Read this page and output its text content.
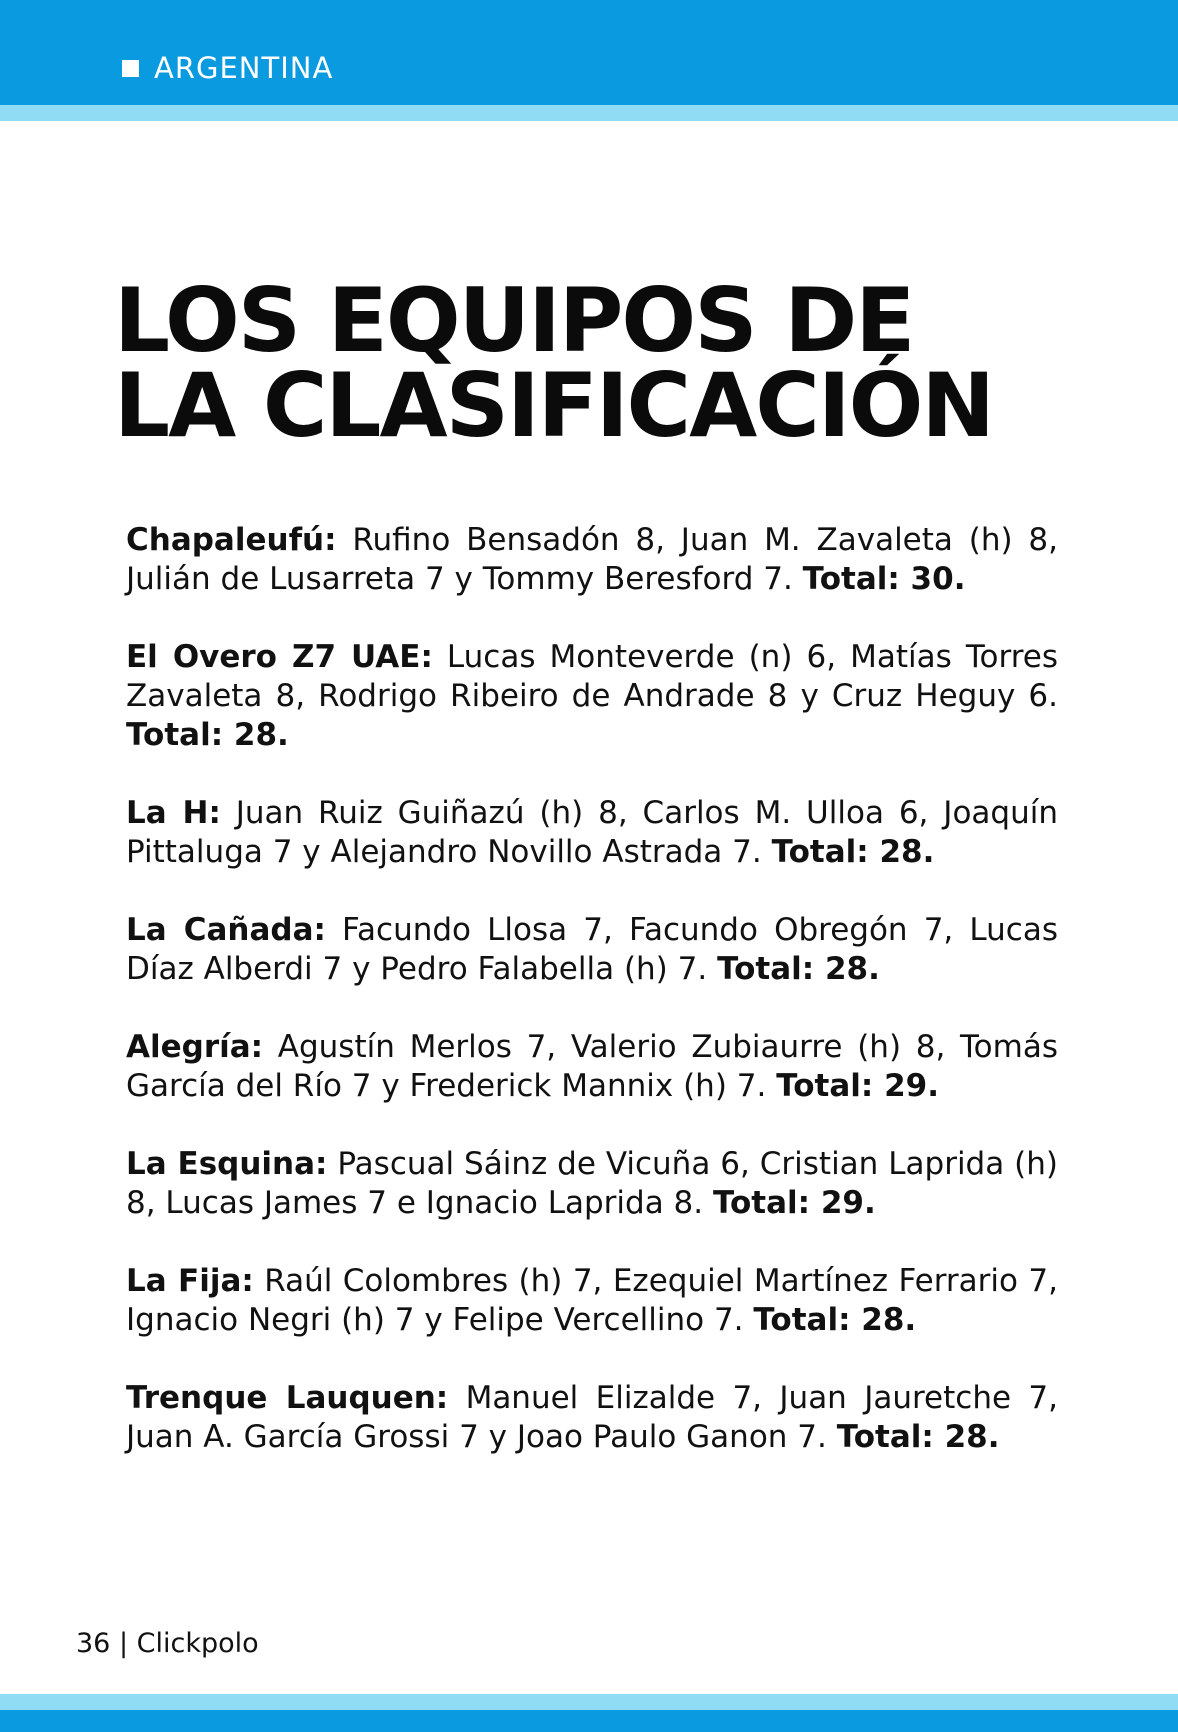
ARGENTINA
LOS EQUIPOS DE
LA CLASIFICACIÓN

Chapaleufú: Rufino Bensadón 8, Juan M. Zavaleta (h) 8, Julián de Lusarreta 7 y Tommy Beresford 7. Total: 30.

El Overo Z7 UAE: Lucas Monteverde (n) 6, Matías Torres Zavaleta 8, Rodrigo Ribeiro de Andrade 8 y Cruz Heguy 6. Total: 28.

La H: Juan Ruiz Guiñazú (h) 8, Carlos M. Ulloa 6, Joaquín Pittaluga 7 y Alejandro Novillo Astrada 7. Total: 28.

La Cañada: Facundo Llosa 7, Facundo Obregón 7, Lucas Díaz Alberdi 7 y Pedro Falabella (h) 7. Total: 28.

Alegría: Agustín Merlos 7, Valerio Zubiaurre (h) 8, Tomás García del Río 7 y Frederick Mannix (h) 7. Total: 29.

La Esquina: Pascual Sáinz de Vicuña 6, Cristian Laprida (h) 8, Lucas James 7 e Ignacio Laprida 8. Total: 29.

La Fija: Raúl Colombres (h) 7, Ezequiel Martínez Ferrario 7, Ignacio Negri (h) 7 y Felipe Vercellino 7. Total: 28.

Trenque Lauquen: Manuel Elizalde 7, Juan Jauretche 7, Juan A. García Grossi 7 y Joao Paulo Ganon 7. Total: 28.

36 | Clickpolo
